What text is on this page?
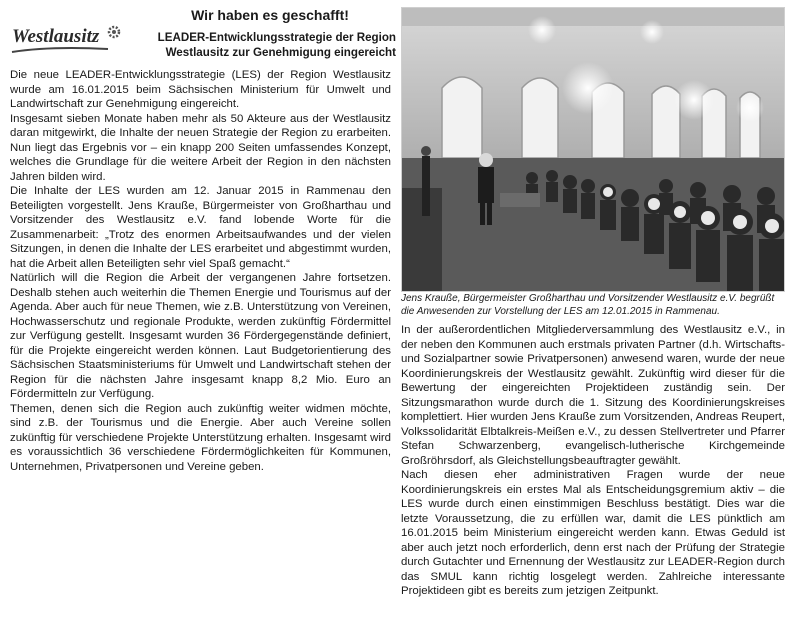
Westlausitz
Wir haben es geschafft!
LEADER-Entwicklungsstrategie der Region
Westlausitz zur Genehmigung eingereicht

Die neue LEADER-Entwicklungsstrategie (LES) der Region Westlausitz wurde am 16.01.2015 beim Sächsischen Ministerium für Umwelt und Landwirtschaft zur Genehmigung eingereicht.

Insgesamt sieben Monate haben mehr als 50 Akteure aus der Westlausitz daran mitgewirkt, die Inhalte der neuen Strategie der Region zu erarbeiten. Nun liegt das Ergebnis vor – ein knapp 200 Seiten umfassendes Konzept, welches die Grundlage für die weitere Arbeit der Region in den nächsten Jahren bilden wird.

Die Inhalte der LES wurden am 12. Januar 2015 in Rammenau den Beteiligten vorgestellt. Jens Krauße, Bürgermeister von Großharthau und Vorsitzender des Westlausitz e.V. fand lobende Worte für die Zusammenarbeit: „Trotz des enormen Arbeitsaufwandes und der vielen Sitzungen, in denen die Inhalte der LES erarbeitet und abgestimmt wurden, hat die Arbeit allen Beteiligten sehr viel Spaß gemacht.“

Natürlich will die Region die Arbeit der vergangenen Jahre fortsetzen. Deshalb stehen auch weiterhin die Themen Energie und Tourismus auf der Agenda. Aber auch für neue Themen, wie z.B. Unterstützung von Vereinen, Hochwasserschutz und regionale Produkte, werden zukünftig Fördermittel zur Verfügung gestellt. Insgesamt wurden 36 Fördergegenstände definiert, für die Projekte eingereicht werden können. Laut Budgetorientierung des Sächsischen Staatsministeriums für Umwelt und Landwirtschaft stehen der Region für die nächsten Jahre insgesamt knapp 8,2 Mio. Euro an Fördermitteln zur Verfügung.

Themen, denen sich die Region auch zukünftig weiter widmen möchte, sind z.B. der Tourismus und die Energie. Aber auch Vereine sollen zukünftig für verschiedene Projekte Unterstützung erhalten. Insgesamt wird es voraussichtlich 36 verschiedene Fördermöglichkeiten für Kommunen, Unternehmen, Privatpersonen und Vereine geben.

Jens Krauße, Bürgermeister Großharthau und Vorsitzender Westlausitz e.V. begrüßt die Anwesenden zur Vorstellung der LES am 12.01.2015 in Rammenau.

In der außerordentlichen Mitgliederversammlung des Westlausitz e.V., in der neben den Kommunen auch erstmals privaten Partner (d.h. Wirtschafts- und Sozialpartner sowie Privatpersonen) anwesend waren, wurde der neue Koordinierungskreis der Westlausitz gewählt. Zukünftig wird dieser für die Bewertung der eingereichten Projektideen zuständig sein. Der Sitzungsmarathon wurde durch die 1. Sitzung des Koordinierungskreises komplettiert. Hier wurden Jens Krauße zum Vorsitzenden, Andreas Reupert, Volkssolidarität Elbtalkreis-Meißen e.V., zu dessen Stellvertreter und Pfarrer Stefan Schwarzenberg, evangelisch-lutherische Kirchgemeinde Großröhrsdorf, als Gleichstellungsbeauftragter gewählt.

Nach diesen eher administrativen Fragen wurde der neue Koordinierungskreis ein erstes Mal als Entscheidungsgremium aktiv – die LES wurde durch einen einstimmigen Beschluss bestätigt. Dies war die letzte Voraussetzung, die zu erfüllen war, damit die LES pünktlich am 16.01.2015 beim Ministerium eingereicht werden kann. Etwas Geduld ist aber auch jetzt noch erforderlich, denn erst nach der Prüfung der Strategie durch Gutachter und Ernennung der Westlausitz zur LEADER-Region durch das SMUL kann richtig losgelegt werden. Zahlreiche interessante Projektideen gibt es bereits zum jetzigen Zeitpunkt.
